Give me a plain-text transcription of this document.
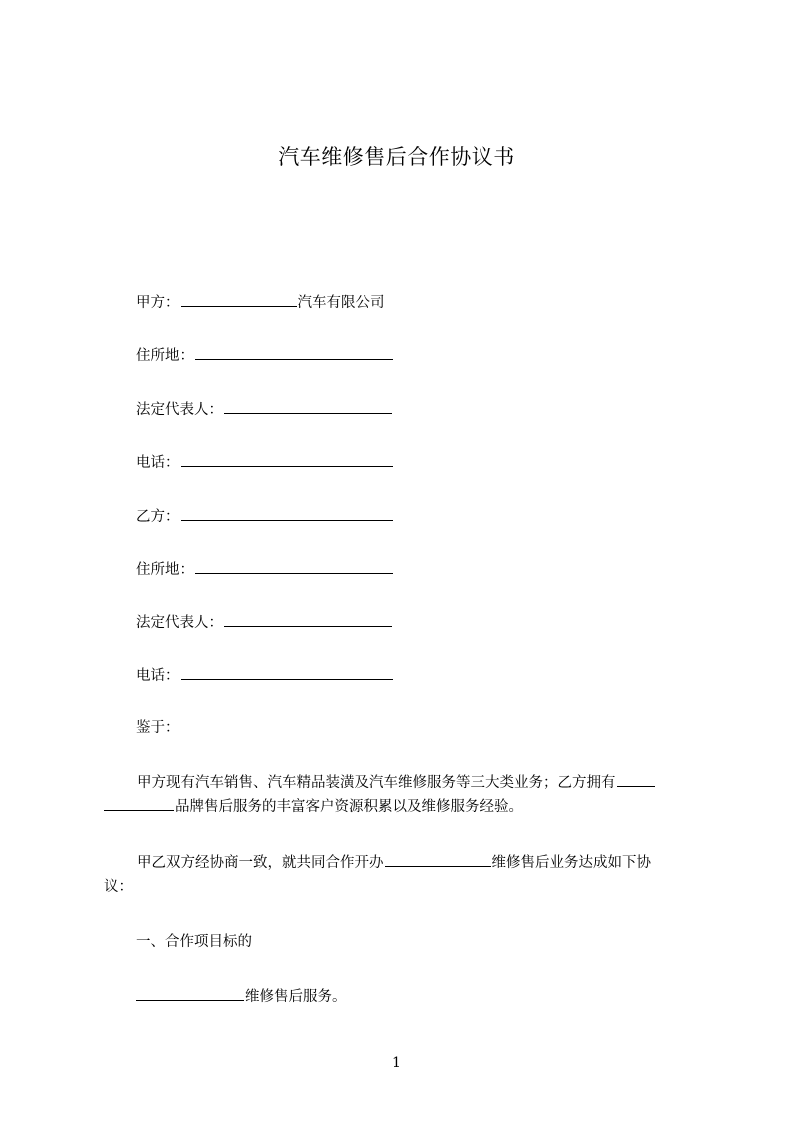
汽车维修售后合作协议书
甲方：	汽车有限公司
住所地：
法定代表人：
电话：
乙方：
住所地：
法定代表人：
电话：
鉴于：

甲方现有汽车销售、汽车精品装潢及汽车维修服务等三大类业务；乙方拥有

品牌售后服务的丰富客户资源积累以及维修服务经验。

甲乙双方经协商一致，就共同合作开办	维修售后业务达成如下协

议：

一、合作项目标的
维修售后服务。
1
